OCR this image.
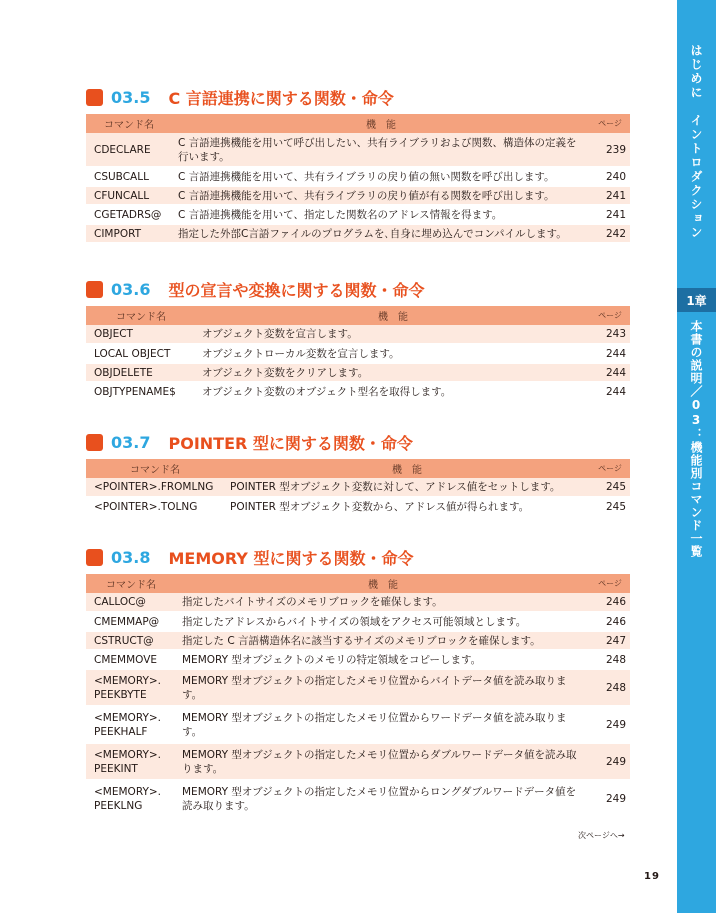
はじめに　イントロダクション
1章
本書の説明／03：機能別コマンド一覧
03.5 C 言語連携に関する関数・命令
コマンド名	機　能	ページ
CDECLARE	C 言語連携機能を用いて呼び出したい、共有ライブラリおよび関数、構造体の定義を行います。	239
CSUBCALL	C 言語連携機能を用いて、共有ライブラリの戻り値の無い関数を呼び出します。	240
CFUNCALL	C 言語連携機能を用いて、共有ライブラリの戻り値が有る関数を呼び出します。	241
CGETADRS@	C 言語連携機能を用いて、指定した関数名のアドレス情報を得ます。	241
CIMPORT	指定した外部C言語ファイルのプログラムを､自身に埋め込んでコンパイルします。	242
03.6 型の宣言や変換に関する関数・命令
コマンド名	機　能	ページ
OBJECT	オブジェクト変数を宣言します。	243
LOCAL OBJECT	オブジェクトローカル変数を宣言します。	244
OBJDELETE	オブジェクト変数をクリアします。	244
OBJTYPENAME$	オブジェクト変数のオブジェクト型名を取得します。	244
03.7 POINTER 型に関する関数・命令
コマンド名	機　能	ページ
<POINTER>.FROMLNG	POINTER 型オブジェクト変数に対して、アドレス値をセットします。	245
<POINTER>.TOLNG	POINTER 型オブジェクト変数から、アドレス値が得られます。	245
03.8 MEMORY 型に関する関数・命令
コマンド名	機　能	ページ
CALLOC@	指定したバイトサイズのメモリブロックを確保します。	246
CMEMMAP@	指定したアドレスからバイトサイズの領域をアクセス可能領域とします。	246
CSTRUCT@	指定した C 言語構造体名に該当するサイズのメモリブロックを確保します。	247
CMEMMOVE	MEMORY 型オブジェクトのメモリの特定領域をコピーします。	248
<MEMORY>.
PEEKBYTE	MEMORY 型オブジェクトの指定したメモリ位置からバイトデータ値を読み取ります。	248
<MEMORY>.
PEEKHALF	MEMORY 型オブジェクトの指定したメモリ位置からワードデータ値を読み取ります。	249
<MEMORY>.
PEEKINT	MEMORY 型オブジェクトの指定したメモリ位置からダブルワードデータ値を読み取ります。	249
<MEMORY>.
PEEKLNG	MEMORY 型オブジェクトの指定したメモリ位置からロングダブルワードデータ値を読み取ります。	249
次ページへ→
19
